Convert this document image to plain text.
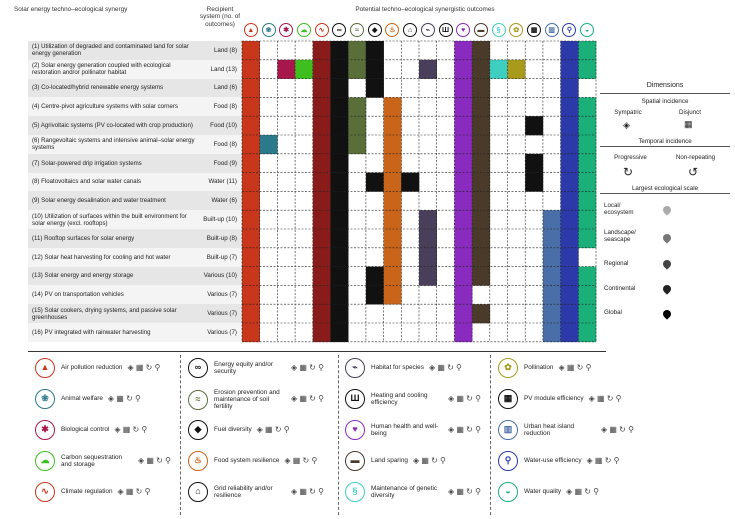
Solar energy techno–ecological synergy	Recipient system (no. of outcomes)
Potential techno–ecological synergistic outcomes
▲	❀	✱	☁	∿	∞	≈	◆	♨	⌂	⌁	Ш	♥	▬	§	✿	▦	▥	⚲	◒
(1) Utilization of degraded and contaminated land for solar energy generation	Land (8)
(2) Solar energy generation coupled with ecological restoration and/or pollinator habitat	Land (13)
(3) Co-located/hybrid renewable energy systems	Land (6)
(4) Centre-pivot agriculture systems with solar corners	Food (8)
(5) Agrivoltaic systems (PV co-located with crop production)	Food (10)
(6) Rangevoltaic systems and intensive animal–solar energy systems	Food (8)
(7) Solar-powered drip irrigation systems	Food (9)
(8) Floatovoltaics and solar water canals	Water (11)
(9) Solar energy desalination and water treatment	Water (6)
(10) Utilization of surfaces within the built environment for solar energy (excl. rooftops)	Built-up (10)
(11) Rooftop surfaces for solar energy	Built-up (8)
(12) Solar heat harvesting for cooling and hot water	Built-up (7)
(13) Solar energy and energy storage	Various (10)
(14) PV on transportation vehicles	Various (7)
(15) Solar cookers, drying systems, and passive solar greenhouses	Various (7)
(16) PV integrated with rainwater harvesting	Various (7)
Dimensions
Spatial incidence
Sympatric	Disjunct
◈	▦
Temporal incidence
Progressive	Non-repeating
↻	↺
Largest ecological scale
Local/ ecosystem
Landscape/ seascape
Regional
Continental
Global
▲	Air pollution reduction ◈ ▦ ↻ ⚲
❀	Animal welfare ◈ ▦ ↻ ⚲
✱	Biological control ◈ ▦ ↻ ⚲
☁	Carbon sequestration and storage	◈ ▦ ↻ ⚲
∿	Climate regulation ◈ ▦ ↻ ⚲
∞	Energy equity and/or security	◈ ▦ ↻ ⚲
≈
Erosion prevention and maintenance of soil fertility
◈ ▦ ↻ ⚲
◆	Fuel diversity ◈ ▦ ↻ ⚲
♨	Food system resilience ◈ ▦ ↻ ⚲
⌂	Grid reliability and/or resilience	◈ ▦ ↻ ⚲
⌁	Habitat for species ◈ ▦ ↻ ⚲
Ш	Heating and cooling efficiency	◈ ▦ ↻ ⚲
♥	Human health and well-being	◈ ▦ ↻ ⚲
▬	Land sparing ◈ ▦ ↻ ⚲
§	Maintenance of genetic diversity	◈ ▦ ↻ ⚲
✿	Pollination ◈ ▦ ↻ ⚲
▦	PV module efficiency ◈ ▦ ↻ ⚲
▥	Urban heat island reduction	◈ ▦ ↻ ⚲
⚲	Water-use efficiency ◈ ▦ ↻ ⚲
◒	Water quality ◈ ▦ ↻ ⚲
